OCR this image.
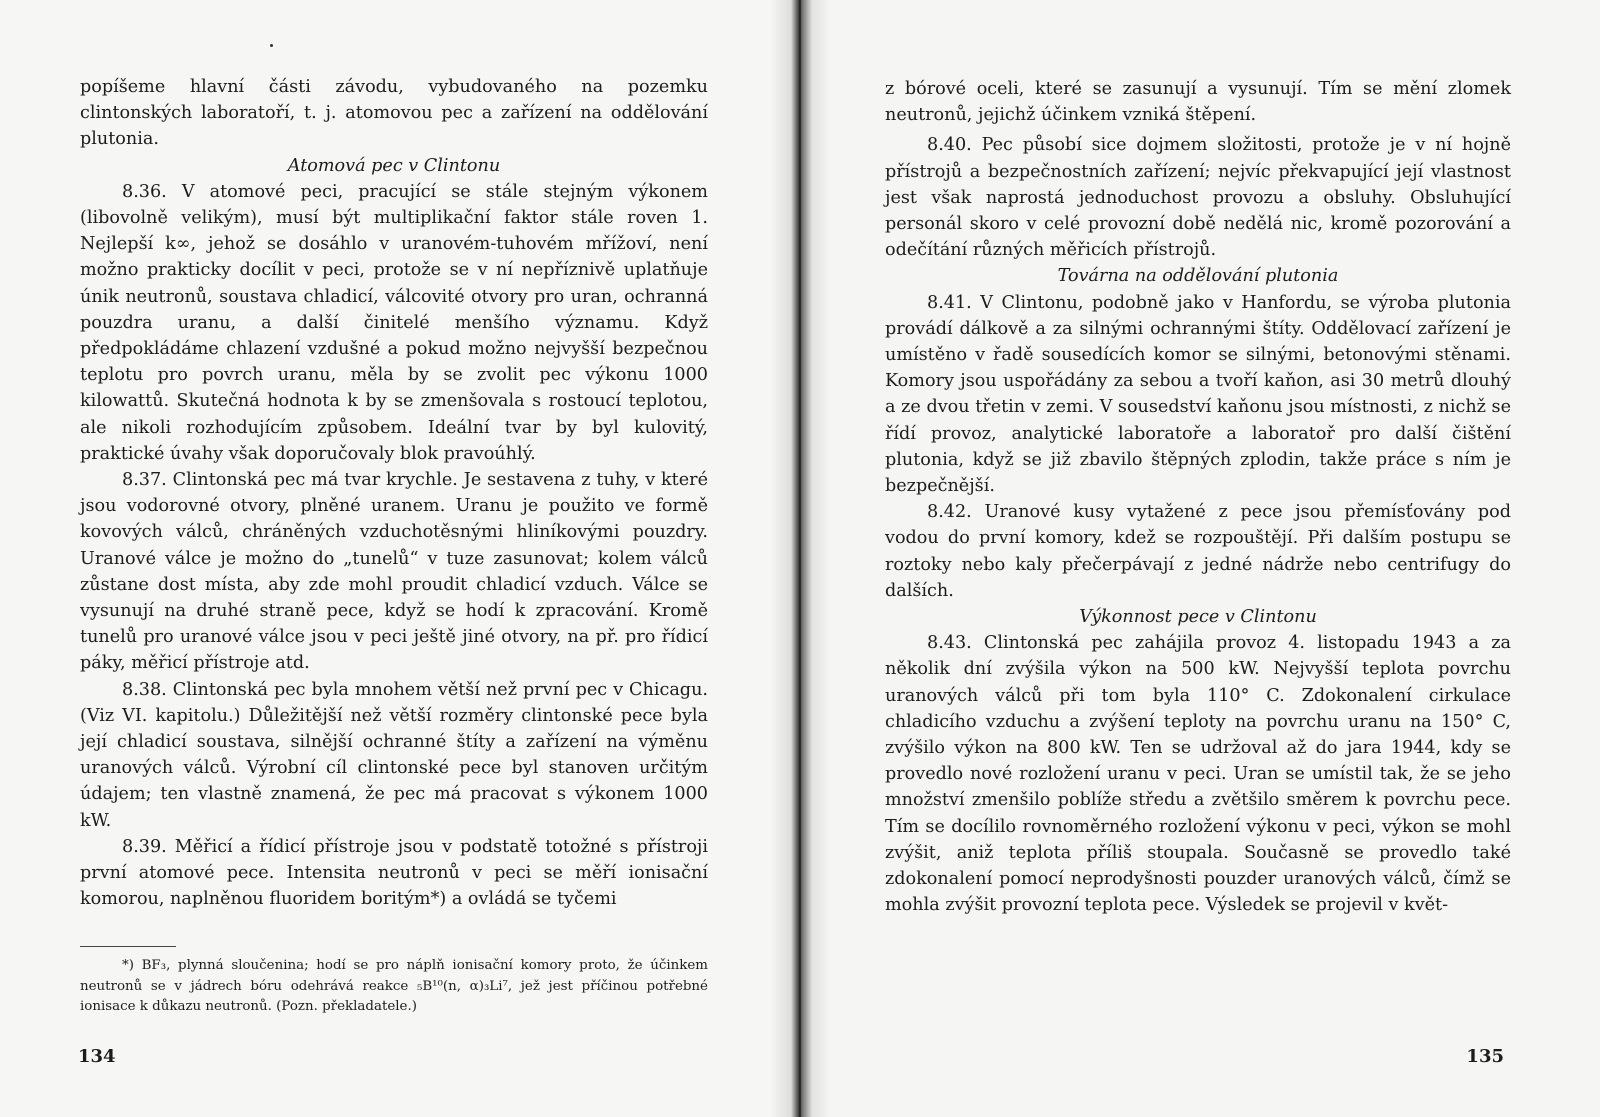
popíšeme hlavní části závodu, vybudovaného na pozemku clintonských laboratoří, t. j. atomovou pec a zařízení na oddělování plutonia.

Atomová pec v Clintonu

8.36. V atomové peci, pracující se stále stejným výkonem (libovolně velikým), musí být multiplikační faktor stále roven 1. Nejlepší k∞, jehož se dosáhlo v uranovém-tuhovém mřížoví, není možno prakticky docílit v peci, protože se v ní nepříznivě uplatňuje únik neutronů, soustava chladicí, válcovité otvory pro uran, ochranná pouzdra uranu, a další činitelé menšího významu. Když předpokládáme chlazení vzdušné a pokud možno nejvyšší bezpečnou teplotu pro povrch uranu, měla by se zvolit pec výkonu 1000 kilowattů. Skutečná hodnota k by se zmenšovala s rostoucí teplotou, ale nikoli rozhodujícím způsobem. Ideální tvar by byl kulovitý, praktické úvahy však doporučovaly blok pravoúhlý.

8.37. Clintonská pec má tvar krychle. Je sestavena z tuhy, v které jsou vodorovné otvory, plněné uranem. Uranu je použito ve formě kovových válců, chráněných vzduchotěsnými hliníkovými pouzdry. Uranové válce je možno do „tunelů“ v tuze zasunovat; kolem válců zůstane dost místa, aby zde mohl proudit chladicí vzduch. Válce se vysunují na druhé straně pece, když se hodí k zpracování. Kromě tunelů pro uranové válce jsou v peci ještě jiné otvory, na př. pro řídicí páky, měřicí přístroje atd.

8.38. Clintonská pec byla mnohem větší než první pec v Chicagu. (Viz VI. kapitolu.) Důležitější než větší rozměry clintonské pece byla její chladicí soustava, silnější ochranné štíty a zařízení na výměnu uranových válců. Výrobní cíl clintonské pece byl stanoven určitým údajem; ten vlastně znamená, že pec má pracovat s výkonem 1000 kW.

8.39. Měřicí a řídicí přístroje jsou v podstatě totožné s přístroji první atomové pece. Intensita neutronů v peci se měří ionisační komorou, naplněnou fluoridem boritým*) a ovládá se tyčemi

*) BF₃, plynná sloučenina; hodí se pro náplň ionisační komory proto, že účinkem neutronů se v jádrech bóru odehrává reakce ₅B¹⁰(n, α)₃Li⁷, jež jest příčinou potřebné ionisace k důkazu neutronů. (Pozn. překladatele.)

134

z bórové oceli, které se zasunují a vysunují. Tím se mění zlomek neutronů, jejichž účinkem vzniká štěpení.

8.40. Pec působí sice dojmem složitosti, protože je v ní hojně přístrojů a bezpečnostních zařízení; nejvíc překvapující její vlastnost jest však naprostá jednoduchost provozu a obsluhy. Obsluhující personál skoro v celé provozní době nedělá nic, kromě pozorování a odečítání různých měřicích přístrojů.

Továrna na oddělování plutonia

8.41. V Clintonu, podobně jako v Hanfordu, se výroba plutonia provádí dálkově a za silnými ochrannými štíty. Oddělovací zařízení je umístěno v řadě sousedících komor se silnými, betonovými stěnami. Komory jsou uspořádány za sebou a tvoří kaňon, asi 30 metrů dlouhý a ze dvou třetin v zemi. V sousedství kaňonu jsou místnosti, z nichž se řídí provoz, analytické laboratoře a laboratoř pro další čištění plutonia, když se již zbavilo štěpných zplodin, takže práce s ním je bezpečnější.

8.42. Uranové kusy vytažené z pece jsou přemísťovány pod vodou do první komory, kdež se rozpouštějí. Při dalším postupu se roztoky nebo kaly přečerpávají z jedné nádrže nebo centrifugy do dalších.

Výkonnost pece v Clintonu

8.43. Clintonská pec zahájila provoz 4. listopadu 1943 a za několik dní zvýšila výkon na 500 kW. Nejvyšší teplota povrchu uranových válců při tom byla 110° C. Zdokonalení cirkulace chladicího vzduchu a zvýšení teploty na povrchu uranu na 150° C, zvýšilo výkon na 800 kW. Ten se udržoval až do jara 1944, kdy se provedlo nové rozložení uranu v peci. Uran se umístil tak, že se jeho množství zmenšilo poblíže středu a zvětšilo směrem k povrchu pece. Tím se docílilo rovnoměrného rozložení výkonu v peci, výkon se mohl zvýšit, aniž teplota příliš stoupala. Současně se provedlo také zdokonalení pomocí neprodyšnosti pouzder uranových válců, čímž se mohla zvýšit provozní teplota pece. Výsledek se projevil v květ-

135
